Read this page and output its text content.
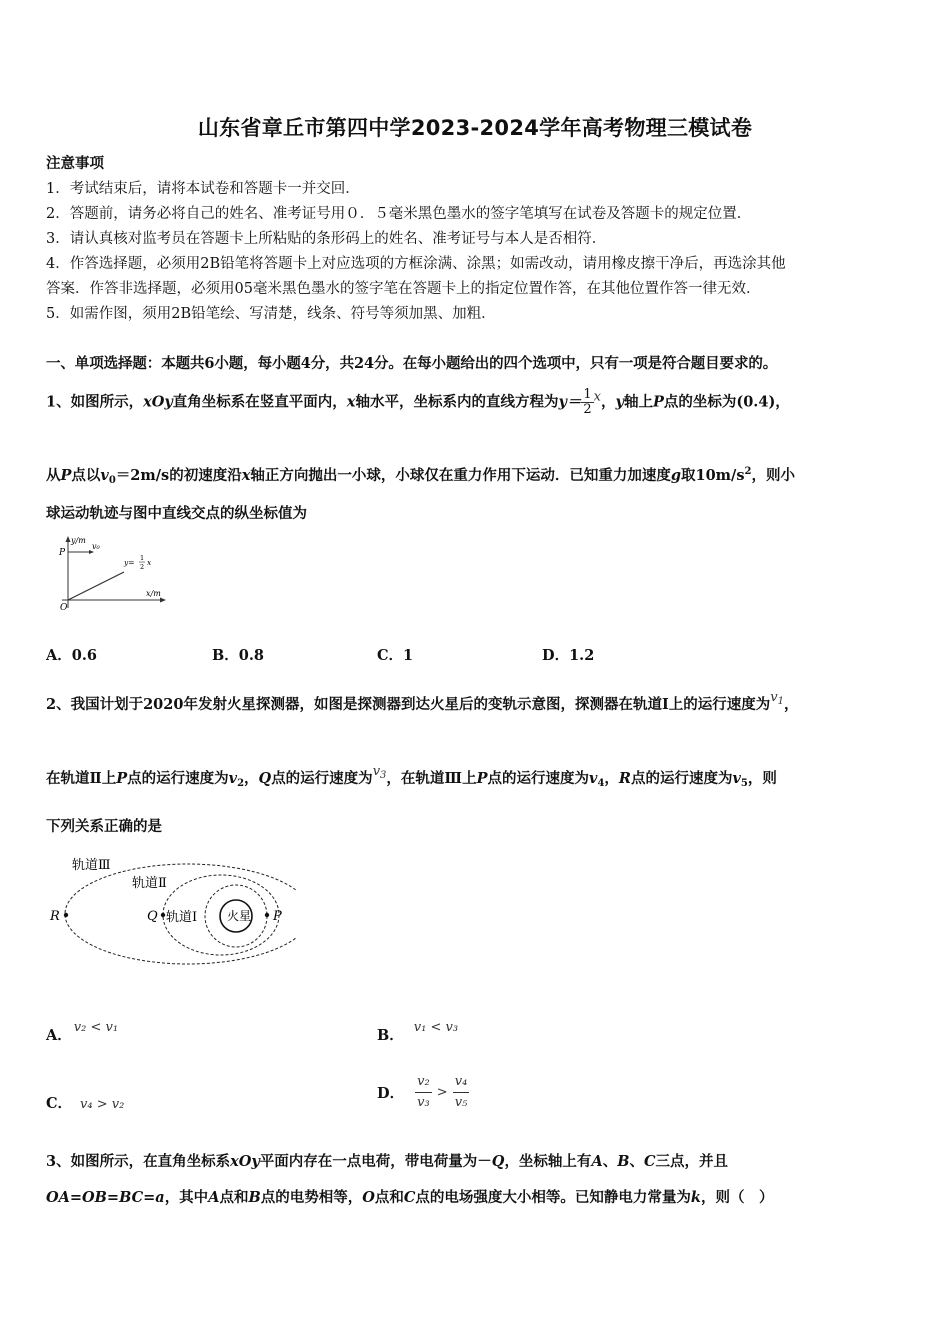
山东省章丘市第四中学2023-2024学年高考物理三模试卷
注意事项
1．考试结束后，请将本试卷和答题卡一并交回．
2．答题前，请务必将自己的姓名、准考证号用０．５毫米黑色墨水的签字笔填写在试卷及答题卡的规定位置．
3．请认真核对监考员在答题卡上所粘贴的条形码上的姓名、准考证号与本人是否相符．
4．作答选择题，必须用2B铅笔将答题卡上对应选项的方框涂满、涂黑；如需改动，请用橡皮擦干净后，再选涂其他
答案．作答非选择题，必须用05毫米黑色墨水的签字笔在答题卡上的指定位置作答，在其他位置作答一律无效．
5．如需作图，须用2B铅笔绘、写清楚，线条、符号等须加黑、加粗．
一、单项选择题：本题共6小题，每小题4分，共24分。在每小题给出的四个选项中，只有一项是符合题目要求的。
1、如图所示，xOy直角坐标系在竖直平面内，x轴水平，坐标系内的直线方程为$y= \frac{1}{2}$ x，y轴上P点的坐标为(0.4)，
从P点以$v_0=2m/s$的初速度沿x轴正方向抛出一小球，小球仅在重力作用下运动．已知重力加速度g取$10m/s^2$，则小
球运动轨迹与图中直线交点的纵坐标值为
y/m
x/m
P
O
v₀
y= 1
2 x
A．0.6	B．0.8	C．1	D．1.2
2、我国计划于2020年发射火星探测器，如图是探测器到达火星后的变轨示意图，探测器在轨道Ⅰ上的运行速度为$v_1$，
在轨道Ⅱ上P点的运行速度为$v_2$，Q点的运行速度为$v_3$，在轨道Ⅲ上P点的运行速度为$v_4$，R点的运行速度为$v_5$，则
下列关系正确的是
轨道Ⅲ
轨道Ⅱ
轨道Ⅰ 火星
R	Q	P
A． v₂ < v₁	B． v₁ < v₃
C． v₄ > v₂
D． $\frac{\text{v₂}}{\text{v₃}} > \frac{\text{v₄}}{\text{v₅}}$
3、如图所示，在直角坐标系xOy平面内存在一点电荷，带电荷量为－Q，坐标轴上有A、B、C三点，并且
OA=OB=BC=a，其中A点和B点的电势相等，O点和C点的电场强度大小相等。已知静电力常量为k，则（　）
